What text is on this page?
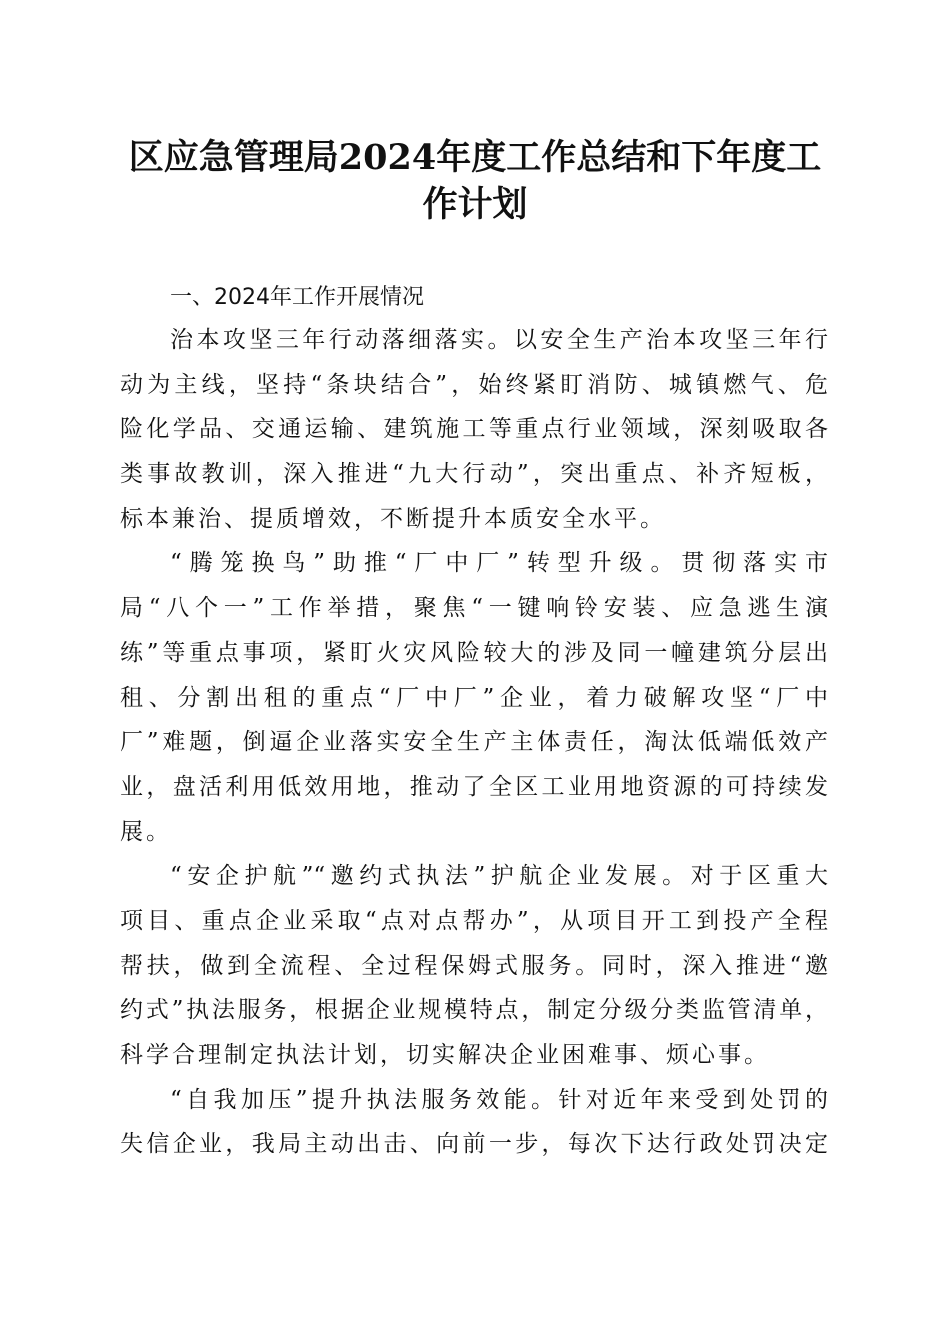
区应急管理局2024年度工作总结和下年度工
作计划
一、2024年工作开展情况
治本攻坚三年行动落细落实。以安全生产治本攻坚三年行
动为主线，坚持“条块结合”，始终紧盯消防、城镇燃气、危
险化学品、交通运输、建筑施工等重点行业领域，深刻吸取各
类事故教训，深入推进“九大行动”，突出重点、补齐短板，
标本兼治、提质增效，不断提升本质安全水平。
“腾笼换鸟”助推“厂中厂”转型升级。贯彻落实市
局“八个一”工作举措，聚焦“一键响铃安装、应急逃生演
练”等重点事项，紧盯火灾风险较大的涉及同一幢建筑分层出
租、分割出租的重点“厂中厂”企业，着力破解攻坚“厂中
厂”难题，倒逼企业落实安全生产主体责任，淘汰低端低效产
业，盘活利用低效用地，推动了全区工业用地资源的可持续发
展。
“安企护航”“邀约式执法”护航企业发展。对于区重大
项目、重点企业采取“点对点帮办”，从项目开工到投产全程
帮扶，做到全流程、全过程保姆式服务。同时，深入推进“邀
约式”执法服务，根据企业规模特点，制定分级分类监管清单，
科学合理制定执法计划，切实解决企业困难事、烦心事。
“自我加压”提升执法服务效能。针对近年来受到处罚的
失信企业，我局主动出击、向前一步，每次下达行政处罚决定
